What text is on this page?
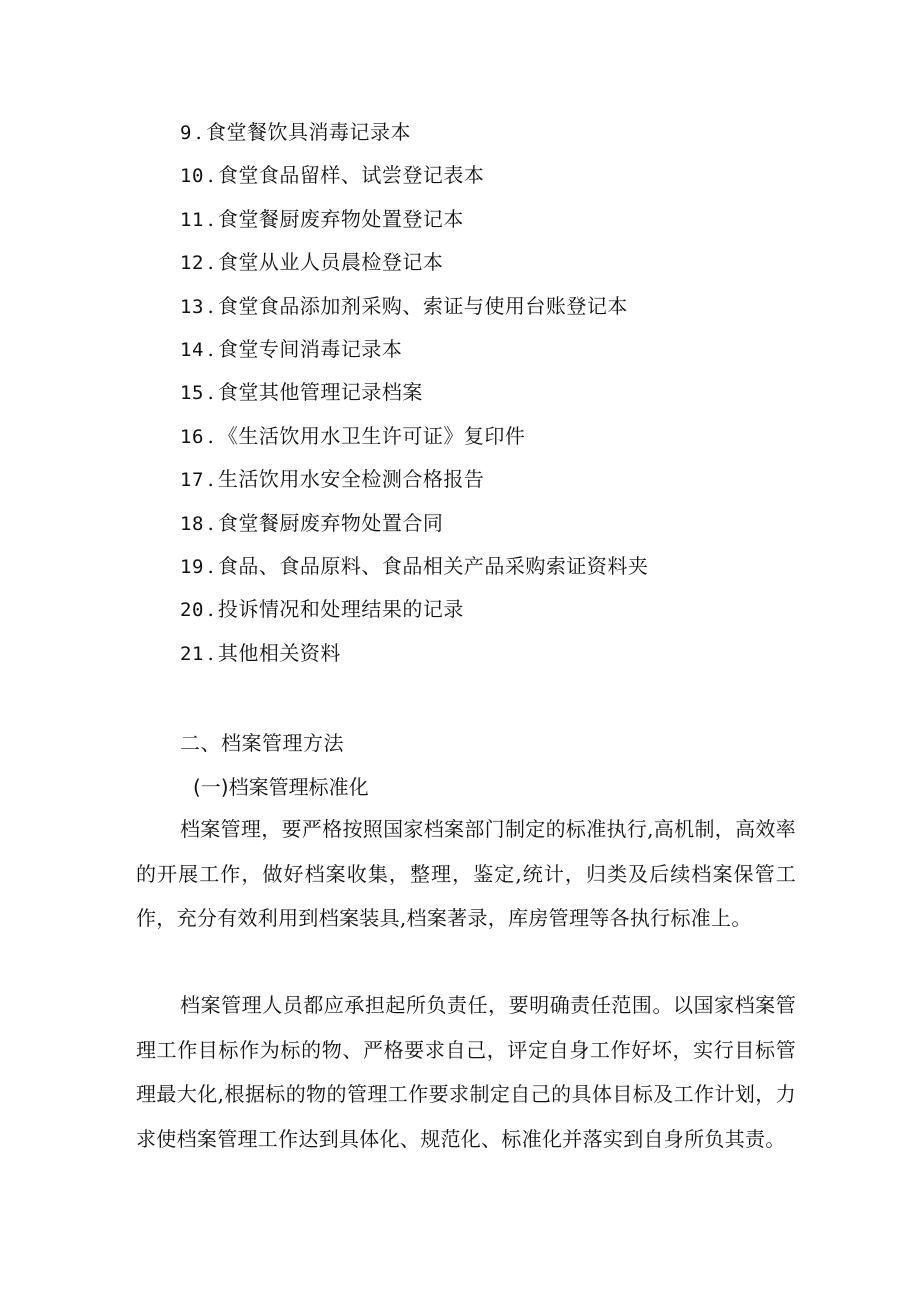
9 . 食堂餐饮具消毒记录本
10 . 食堂食品留样、试尝登记表本
11 . 食堂餐厨废弃物处置登记本
12 . 食堂从业人员晨检登记本
13 . 食堂食品添加剂采购、索证与使用台账登记本
14 . 食堂专间消毒记录本
15 . 食堂其他管理记录档案
16 . 《生活饮用水卫生许可证》复印件
17 . 生活饮用水安全检测合格报告
18 . 食堂餐厨废弃物处置合同
19 . 食品、食品原料、食品相关产品采购索证资料夹
20 . 投诉情况和处理结果的记录
21 . 其他相关资料
二、档案管理方法
(一)档案管理标准化

档案管理，要严格按照国家档案部门制定的标准执行,高机制，高效率的开展工作，做好档案收集，整理，鉴定,统计，归类及后续档案保管工作，充分有效利用到档案装具,档案著录，库房管理等各执行标准上。

档案管理人员都应承担起所负责任，要明确责任范围。以国家档案管理工作目标作为标的物、严格要求自己，评定自身工作好坏，实行目标管理最大化,根据标的物的管理工作要求制定自己的具体目标及工作计划，力求使档案管理工作达到具体化、规范化、标准化并落实到自身所负其责。
